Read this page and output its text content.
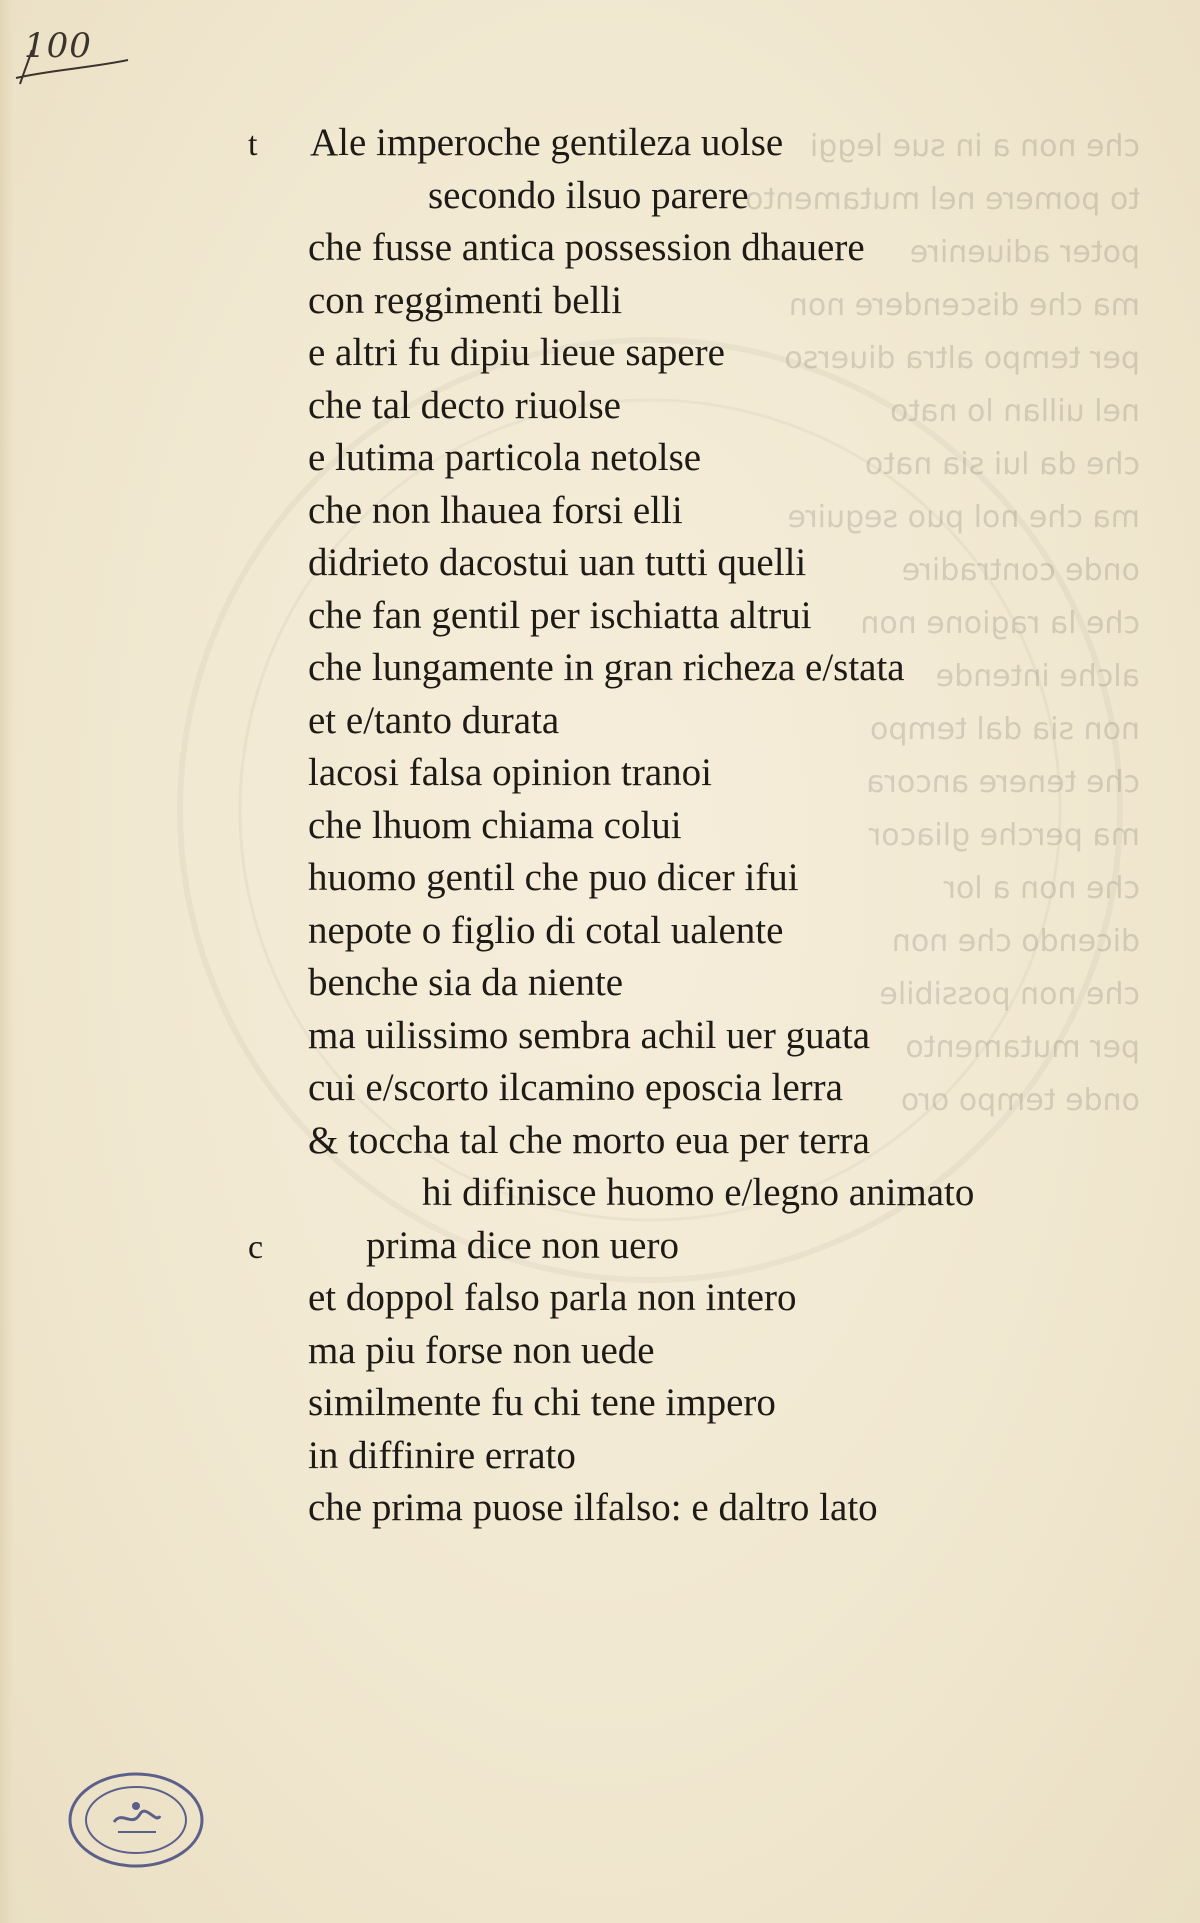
che non a in sue leggi
to pomere nel mutamento
poter adiuenire
ma che discendere non
per tempo altra diuerso
nel uillan lo nato
che da lui sia nato
ma che nol puo seguire
onde contradire
che la ragione non
alche intende
non sia dal tempo
che tenere ancora
ma perche gliacor
che non a lor
dicendo che non
che non possibile
per mutamento
onde tempo oro
100
t Ale imperoche gentileza uolse
secondo ilsuo parere
che fusse antica possession dhauere
con reggimenti belli
e altri fu dipiu lieue sapere
che tal decto riuolse
e lutima particola netolse
che non lhauea forsi elli
didrieto dacostui uan tutti quelli
che fan gentil per ischiatta altrui
che lungamente in gran richeza e/stata
et e/tanto durata
lacosi falsa opinion tranoi
che lhuom chiama colui
huomo gentil che puo dicer ifui
nepote o figlio di cotal ualente
benche sia da niente
ma uilissimo sembra achil uer guata
cui e/scorto ilcamino eposcia lerra
& toccha tal che morto eua per terra
hi difinisce huomo e/legno animato
c	prima dice non uero
et doppol falso parla non intero
ma piu forse non uede
similmente fu chi tene impero
in diffinire errato
che prima puose ilfalso: e daltro lato
